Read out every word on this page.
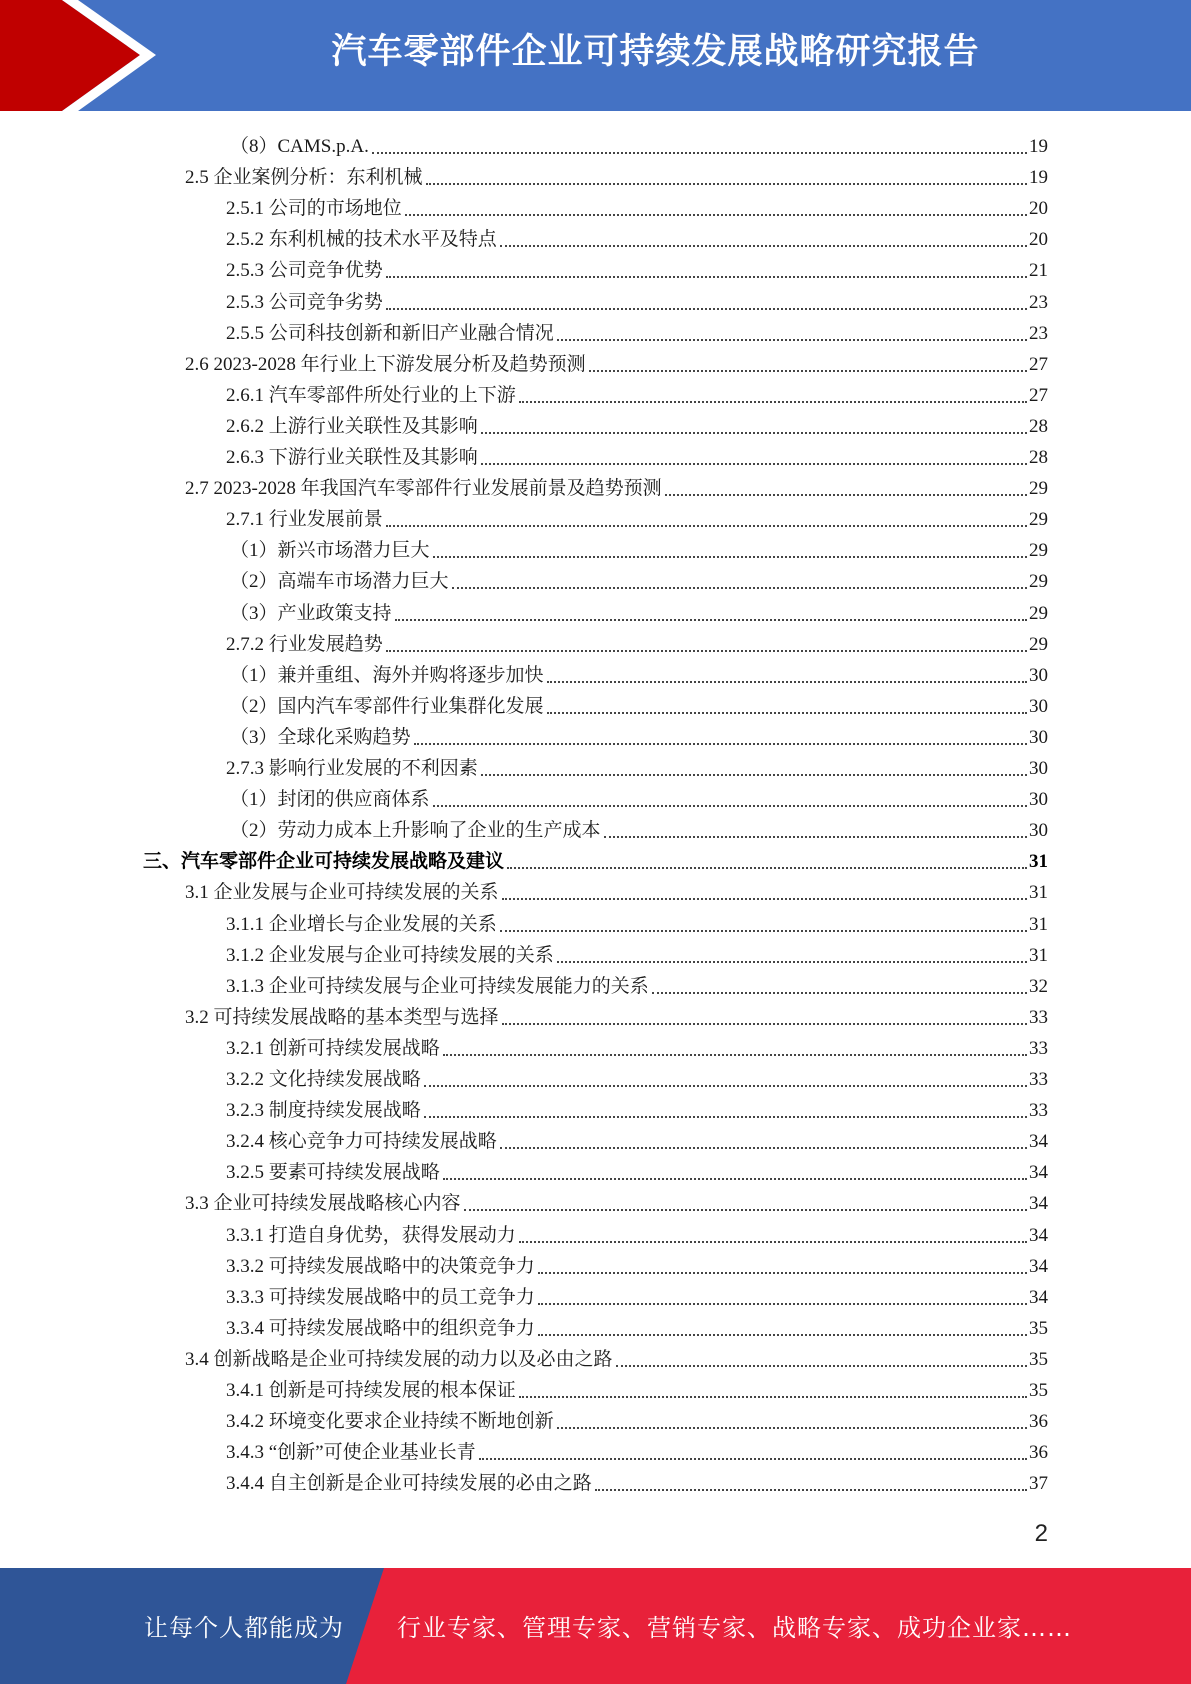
汽车零部件企业可持续发展战略研究报告
（8）CAMS.p.A.	19
2.5 企业案例分析：东利机械	19
2.5.1 公司的市场地位	20
2.5.2 东利机械的技术水平及特点	20
2.5.3 公司竞争优势	21
2.5.3 公司竞争劣势	23
2.5.5 公司科技创新和新旧产业融合情况	23
2.6 2023-2028 年行业上下游发展分析及趋势预测	27
2.6.1 汽车零部件所处行业的上下游	27
2.6.2 上游行业关联性及其影响	28
2.6.3 下游行业关联性及其影响	28
2.7 2023-2028 年我国汽车零部件行业发展前景及趋势预测	29
2.7.1 行业发展前景	29
（1）新兴市场潜力巨大	29
（2）高端车市场潜力巨大	29
（3）产业政策支持	29
2.7.2 行业发展趋势	29
（1）兼并重组、海外并购将逐步加快	30
（2）国内汽车零部件行业集群化发展	30
（3）全球化采购趋势	30
2.7.3 影响行业发展的不利因素	30
（1）封闭的供应商体系	30
（2）劳动力成本上升影响了企业的生产成本	30
三、汽车零部件企业可持续发展战略及建议	31
3.1 企业发展与企业可持续发展的关系	31
3.1.1 企业增长与企业发展的关系	31
3.1.2 企业发展与企业可持续发展的关系	31
3.1.3 企业可持续发展与企业可持续发展能力的关系	32
3.2 可持续发展战略的基本类型与选择	33
3.2.1 创新可持续发展战略	33
3.2.2 文化持续发展战略	33
3.2.3 制度持续发展战略	33
3.2.4 核心竞争力可持续发展战略	34
3.2.5 要素可持续发展战略	34
3.3 企业可持续发展战略核心内容	34
3.3.1 打造自身优势，获得发展动力	34
3.3.2 可持续发展战略中的决策竞争力	34
3.3.3 可持续发展战略中的员工竞争力	34
3.3.4 可持续发展战略中的组织竞争力	35
3.4 创新战略是企业可持续发展的动力以及必由之路	35
3.4.1 创新是可持续发展的根本保证	35
3.4.2 环境变化要求企业持续不断地创新	36
3.4.3 “创新”可使企业基业长青	36
3.4.4 自主创新是企业可持续发展的必由之路	37
2
让每个人都能成为 行业专家、管理专家、营销专家、战略专家、成功企业家……
